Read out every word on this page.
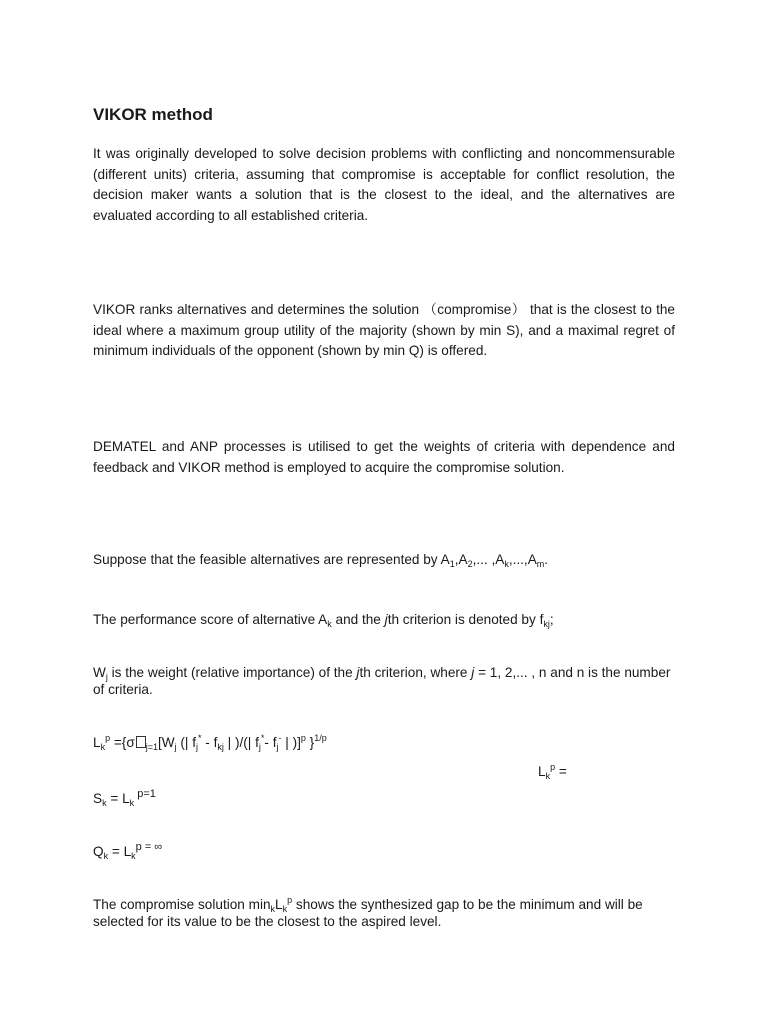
VIKOR method

It was originally developed to solve decision problems with conflicting and noncommensurable (different units) criteria, assuming that compromise is acceptable for conflict resolution, the decision maker wants a solution that is the closest to the ideal, and the alternatives are evaluated according to all established criteria.

VIKOR ranks alternatives and determines the solution （compromise） that is the closest to the ideal where a maximum group utility of the majority (shown by min S), and a maximal regret of minimum individuals of the opponent (shown by min Q) is offered.

DEMATEL and ANP processes is utilised to get the weights of criteria with dependence and feedback and VIKOR method is employed to acquire the compromise solution.

Suppose that the feasible alternatives are represented by $A_1,A_2$,... $,A_k,...,A_m$.

The performance score of alternative $A_k$ and the jth criterion is denoted by $f_{kj}$;

$W_j$ is the weight (relative importance) of the jth criterion, where j = 1, 2,... , n and n is the number of criteria.

$L_k^p =\{\sigma$ $_{j=1}[W_j$ (| $f_j^* - f_{kj}$ | )/(| $f_j^*-$ $f_j^-$ | )]$^p$ }$^{1/p}$

$L_k^p$ =

$S_k = L_k$ $^{p=1}$

$Q_k = L_k^{p = \infty}$

The compromise solution $\min_kL_k^p$ shows the synthesized gap to be the minimum and will be selected for its value to be the closest to the aspired level.
